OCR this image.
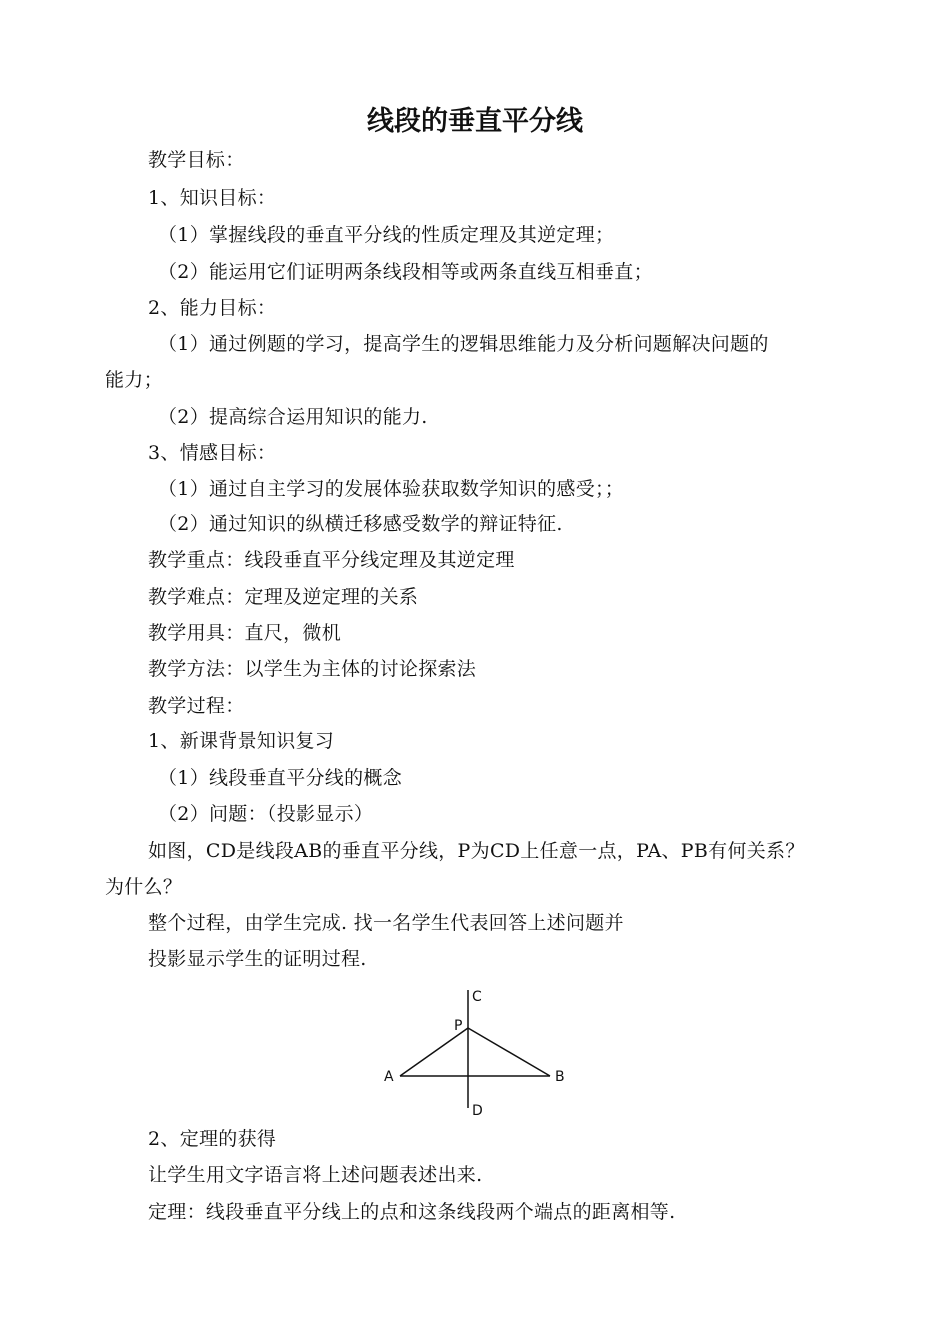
线段的垂直平分线
教学目标：
1、知识目标：
（1）掌握线段的垂直平分线的性质定理及其逆定理；
（2）能运用它们证明两条线段相等或两条直线互相垂直；
2、能力目标：
（1）通过例题的学习，提高学生的逻辑思维能力及分析问题解决问题的
能力；
（2）提高综合运用知识的能力.
3、情感目标：
（1）通过自主学习的发展体验获取数学知识的感受；；
（2）通过知识的纵横迁移感受数学的辩证特征.
教学重点：线段垂直平分线定理及其逆定理
教学难点：定理及逆定理的关系
教学用具：直尺，微机
教学方法：以学生为主体的讨论探索法
教学过程：
1、新课背景知识复习
（1）线段垂直平分线的概念
（2）问题：（投影显示）
如图，CD是线段AB的垂直平分线，P为CD上任意一点，PA、PB有何关系？
为什么？
整个过程，由学生完成. 找一名学生代表回答上述问题并
投影显示学生的证明过程.
C
P
A	B
D
2、定理的获得
让学生用文字语言将上述问题表述出来.
定理：线段垂直平分线上的点和这条线段两个端点的距离相等.
